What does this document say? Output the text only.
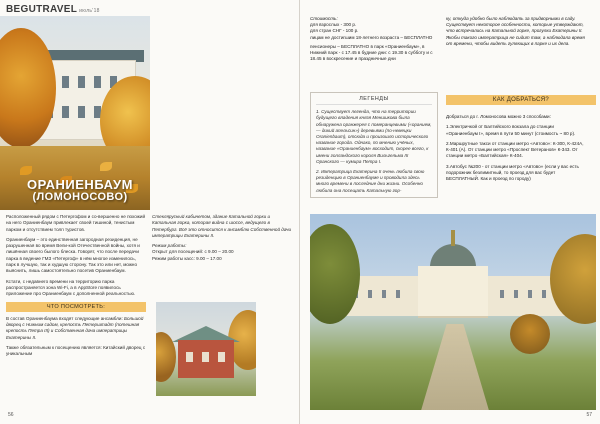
BEGUTRAVEL июль'18
ОРАНИЕНБАУМ
(ЛОМОНОСОВО)

Расположенный рядом с Петергофом и со-вершенно не похожий на него Ораниенбаум привлекает своей тишиной, тенистым парком и отсутствием толп туристов.

Ораниенбаум – это единственная загородная резиденция, не разрушенная во время Вели-кой Отечественной войны, хотя и лишённая своего былого блеска. Говорят, что после передачи парка в ведение ГМЗ «Петергоф» в нём многое изменилось, парк в лучшую, так и худшую сторону. Так это или нет, можно выяснить, лишь самостоятельно посетив Ораниенбаум.

Кстати, с недавнего времени на территорию парка распространяется зона Wi-Fi, а в AppStore появилось приложение про Ораниенбаум с дополненной реальностью.

ЧТО ПОСМОТРЕТЬ:

В состав Ораниенбаума входят следующие ансамбли: Большой дворец с Нижним садом, крепость Петерштадт (потешная крепость Петра III) и Собственная дача императрицы Екатерины II.

Также обязательным к посещению является: Китайский дворец с уникальным

Стеклярусный кабинетом, здание Катальной горки и Катальная горка, которая видна с шоссе, ведущего в Петербург. Всё это относится к ансамблю Собственной дачи императрицы Екатерины II.

Режим работы:
Открыт для посещений: с 9.00 – 20.00
Режим работы касс: 9.00 – 17.00

56
Стоимость:
для взрослых - 300 р.
для стран СНГ - 100 р.
лицам не достигшим 18-летнего возраста – БЕСПЛАТНО
пенсионеры – БЕСПЛАТНО в парк «Ораниенбаум», в Нижний парк - с 17.45 в будние дни: с 19.30 в субботу и с 18.45 в воскресение и праздничные дни
ЛЕГЕНДЫ

1. Существует легенда, что на территории будущего владения князя Меншикова была обнаружена оранжерея с померанцевыми («оранием, — дикий апельсин») деревьями (по-немецки Oranienbaum), отсюда и произошло исторического название города. Однако, по мнению учёных, название «Ораниенбаум» восходит, скорее всего, к имени голландского короля Вильгельма III Оранского — кумира Петра I.

2. Императрица Екатерина II очень любила свою резиденцию в Ораниенбауме и проводила здесь много времени в последние дни жизни. Особенно любила она посещать Катальную гор-

ку, откуда удобно было наблюдать за придворными в саду. Существует некоторое особенности, которые утверждают, что встречались на Катальной горке, прогулки Екатерины II. Якобы такого императрица не сидит там, а наблюдала время от времени, чтобы видеть гуляющих в парке и их дела.
КАК ДОБРАТЬСЯ?

Добраться до г. Ломоносова можно 3 способами:

1.Электричкой от Балтийского вокзала до станции «Ораниенбаум I», время в пути 50 минут (стоимость ~ 80 р).

2.Маршрутные такси от станции метро «Автово»: К-300, К-424А, К-401 (А). От станции метро «Проспект Ветеранов» К-343. От станции метро «Балтийская» К-404.

3.Автобус №200 - от станции метро «Автово» (если у вас есть подорожник безлимитный, то проезд для вас будет БЕСПЛАТНЫЙ. Как и проезд по городу)

57
